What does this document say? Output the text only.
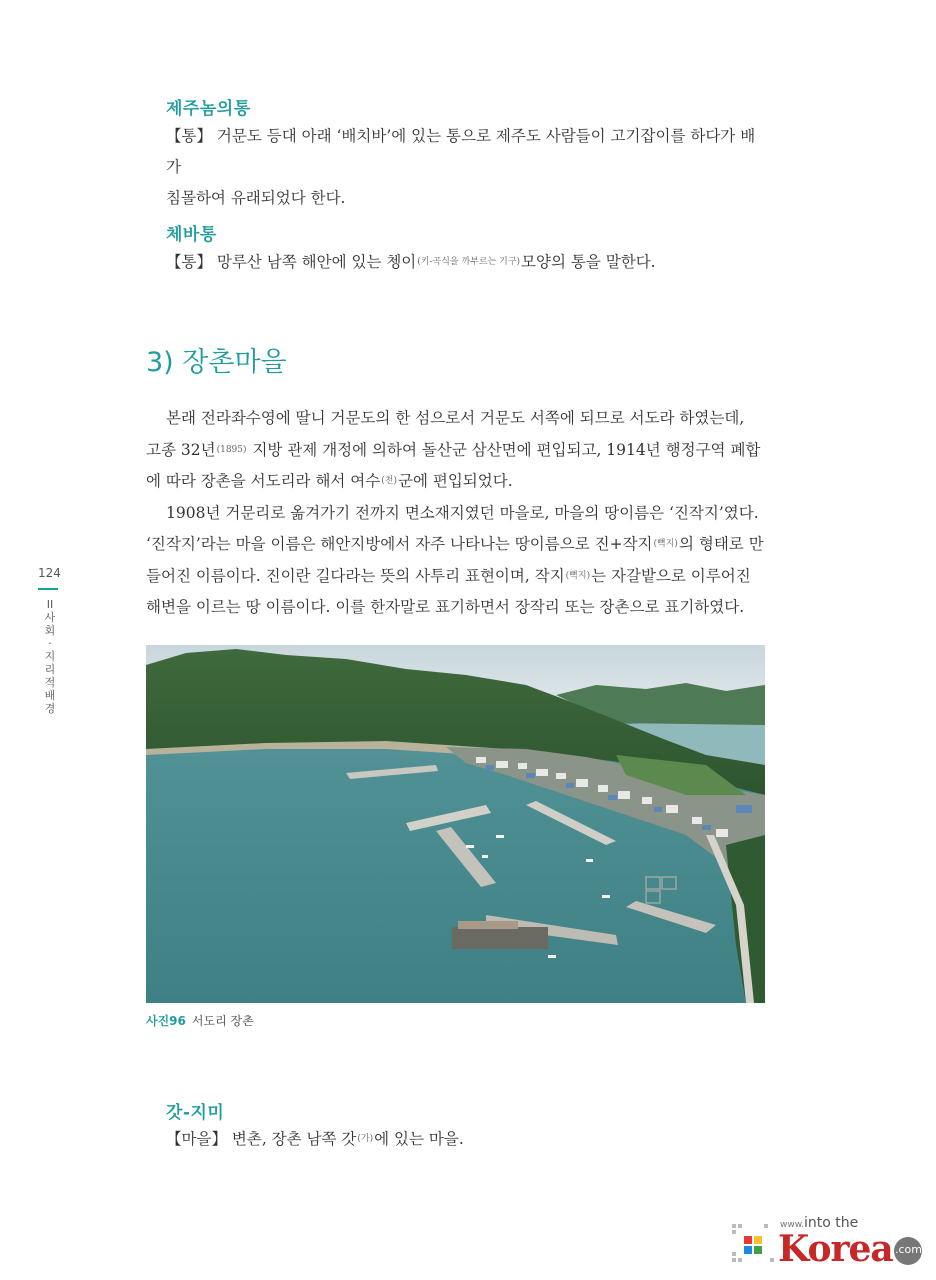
제주놈의통
【통】 거문도 등대 아래 ‘배치바’에 있는 통으로 제주도 사람들이 고기잡이를 하다가 배가
침몰하여 유래되었다 한다.
체바통
【통】 망루산 남쪽 해안에 있는 쳉이$^{(키-곡식을 까부르는 기구)}$모양의 통을 말한다.
3) 장촌마을

본래 전라좌수영에 딸니 거문도의 한 섬으로서 거문도 서쪽에 되므로 서도라 하였는데,
고종 32년$^{(1895)}$ 지방 관제 개정에 의하여 돌산군 삼산면에 편입되고, 1914년 행정구역 폐합
에 따라 장촌을 서도리라 해서 여수$^{(천)}$군에 편입되었다.

1908년 거문리로 옮겨가기 전까지 면소재지였던 마을로, 마을의 땅이름은 ‘진작지’였다.
‘진작지’라는 마을 이름은 해안지방에서 자주 나타나는 땅이름으로 진+작지$^{(뼉지)}$의 형태로 만
들어진 이름이다. 진이란 길다라는 뜻의 사투리 표현이며, 작지$^{(뼉지)}$는 자갈밭으로 이루어진
해변을 이르는 땅 이름이다. 이를 한자말로 표기하면서 장작리 또는 장촌으로 표기하였다.

124
II 사회·지리적 배경
사진96 서도리 장촌
갓-지미
【마을】 변촌, 장촌 남쪽 갓$^{(가)}$에 있는 마을.
www. into the
Korea .com
